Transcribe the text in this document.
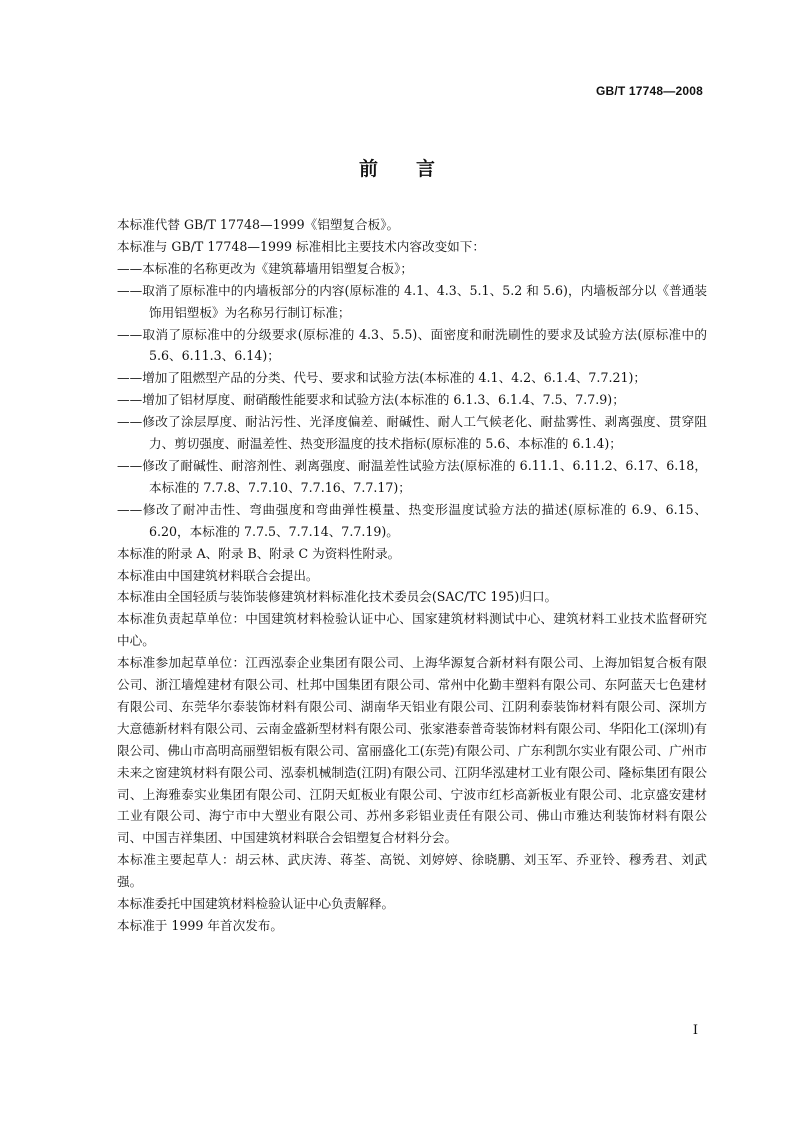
GB/T 17748—2008
前言

本标准代替 GB/T 17748—1999《铝塑复合板》。

本标准与 GB/T 17748—1999 标准相比主要技术内容改变如下：

——本标准的名称更改为《建筑幕墙用铝塑复合板》；

——取消了原标准中的内墙板部分的内容(原标准的 4.1、4.3、5.1、5.2 和 5.6)，内墙板部分以《普通装饰用铝塑板》为名称另行制订标准；

——取消了原标准中的分级要求(原标准的 4.3、5.5)、面密度和耐洗刷性的要求及试验方法(原标准中的 5.6、6.11.3、6.14)；

——增加了阻燃型产品的分类、代号、要求和试验方法(本标准的 4.1、4.2、6.1.4、7.7.21)；

——增加了铝材厚度、耐硝酸性能要求和试验方法(本标准的 6.1.3、6.1.4、7.5、7.7.9)；

——修改了涂层厚度、耐沾污性、光泽度偏差、耐碱性、耐人工气候老化、耐盐雾性、剥离强度、贯穿阻力、剪切强度、耐温差性、热变形温度的技术指标(原标准的 5.6、本标准的 6.1.4)；

——修改了耐碱性、耐溶剂性、剥离强度、耐温差性试验方法(原标准的 6.11.1、6.11.2、6.17、6.18，本标准的 7.7.8、7.7.10、7.7.16、7.7.17)；

——修改了耐冲击性、弯曲强度和弯曲弹性模量、热变形温度试验方法的描述(原标准的 6.9、6.15、6.20，本标准的 7.7.5、7.7.14、7.7.19)。

本标准的附录 A、附录 B、附录 C 为资料性附录。

本标准由中国建筑材料联合会提出。

本标准由全国轻质与装饰装修建筑材料标准化技术委员会(SAC/TC 195)归口。

本标准负责起草单位：中国建筑材料检验认证中心、国家建筑材料测试中心、建筑材料工业技术监督研究中心。

本标准参加起草单位：江西泓泰企业集团有限公司、上海华源复合新材料有限公司、上海加铝复合板有限公司、浙江墙煌建材有限公司、杜邦中国集团有限公司、常州中化勤丰塑料有限公司、东阿蓝天七色建材有限公司、东莞华尔泰装饰材料有限公司、湖南华天铝业有限公司、江阴利泰装饰材料有限公司、深圳方大意德新材料有限公司、云南金盛新型材料有限公司、张家港泰普奇装饰材料有限公司、华阳化工(深圳)有限公司、佛山市高明高丽塑铝板有限公司、富丽盛化工(东莞)有限公司、广东利凯尔实业有限公司、广州市未来之窗建筑材料有限公司、泓泰机械制造(江阴)有限公司、江阴华泓建材工业有限公司、隆标集团有限公司、上海雅泰实业集团有限公司、江阴天虹板业有限公司、宁波市红杉高新板业有限公司、北京盛安建材工业有限公司、海宁市中大塑业有限公司、苏州多彩铝业责任有限公司、佛山市雅达利装饰材料有限公司、中国吉祥集团、中国建筑材料联合会铝塑复合材料分会。

本标准主要起草人：胡云林、武庆涛、蒋荃、高锐、刘婷婷、徐晓鹏、刘玉军、乔亚铃、穆秀君、刘武强。

本标准委托中国建筑材料检验认证中心负责解释。

本标准于 1999 年首次发布。

I
